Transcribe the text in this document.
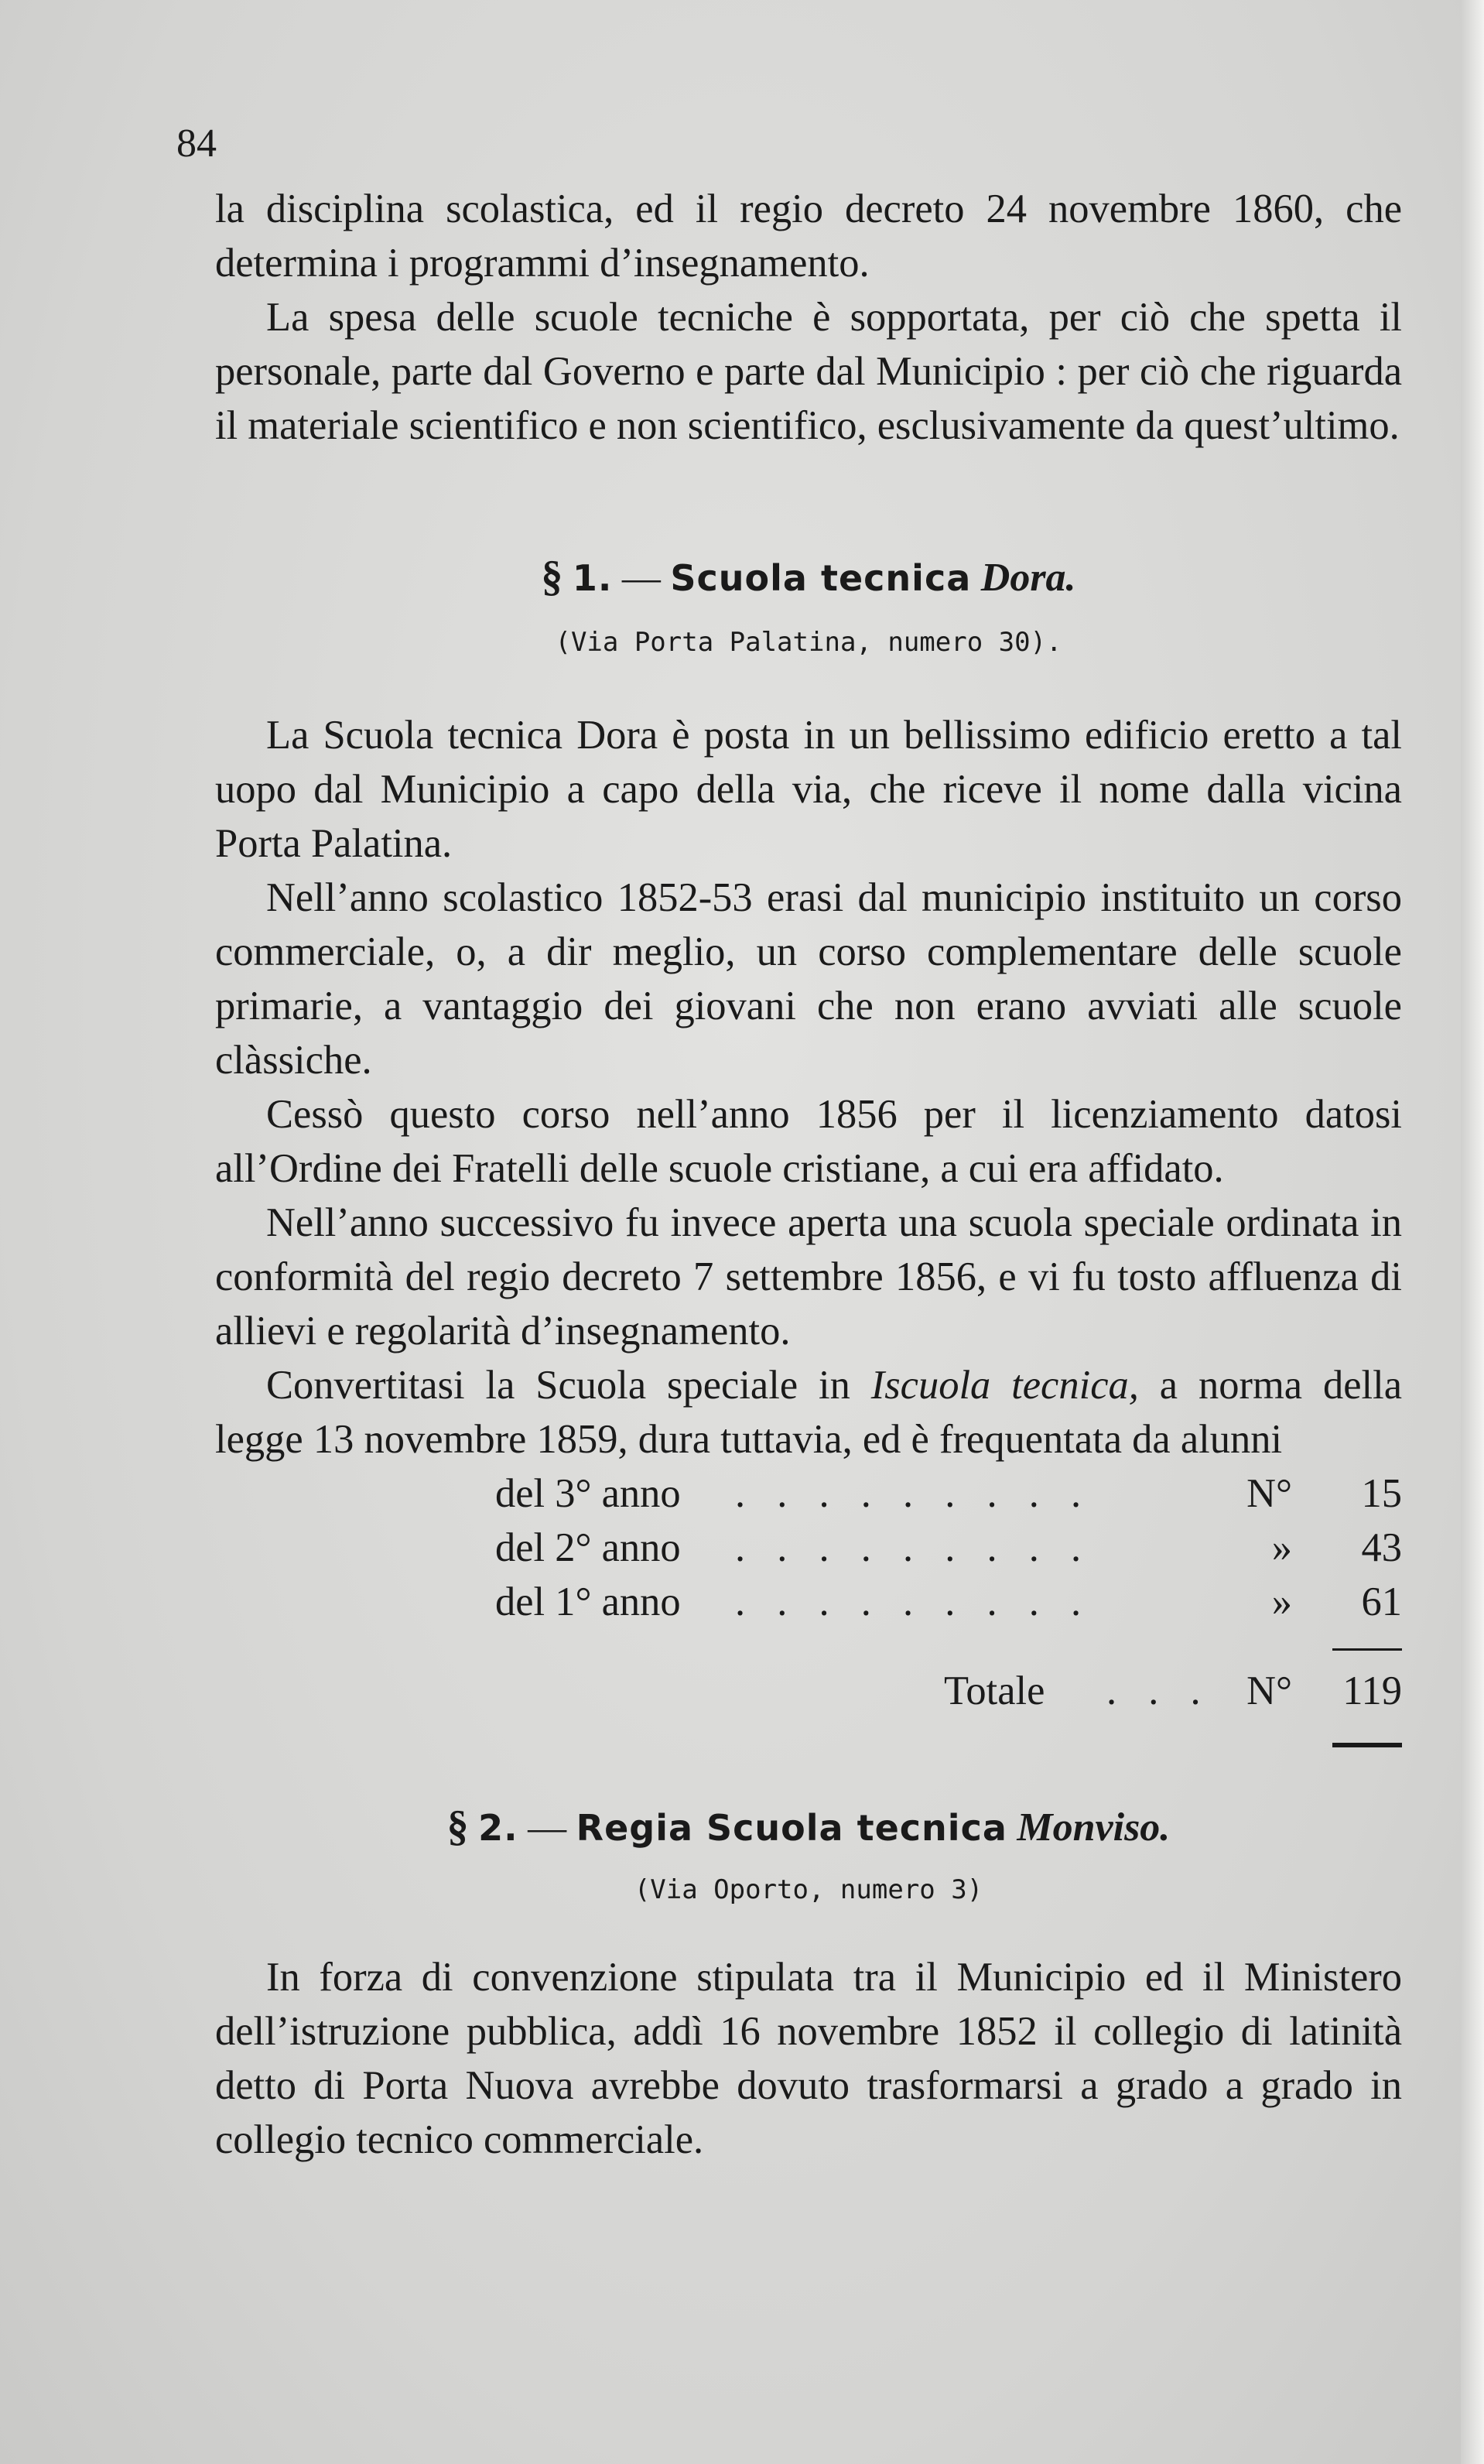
84

la disciplina scolastica, ed il regio decreto 24 novembre 1860, che determina i programmi d’insegnamento.

La spesa delle scuole tecniche è sopportata, per ciò che spetta il personale, parte dal Governo e parte dal Municipio : per ciò che riguarda il materiale scientifico e non scientifico, esclusivamente da quest’ultimo.

§ 1. — Scuola tecnica Dora.
(Via Porta Palatina, numero 30).

La Scuola tecnica Dora è posta in un bellissimo edificio eretto a tal uopo dal Municipio a capo della via, che riceve il nome dalla vicina Porta Palatina.

Nell’anno scolastico 1852-53 erasi dal municipio instituito un corso commerciale, o, a dir meglio, un corso complementare delle scuole primarie, a vantaggio dei giovani che non erano avviati alle scuole clàssiche.

Cessò questo corso nell’anno 1856 per il licenziamento datosi all’Ordine dei Fratelli delle scuole cristiane, a cui era affidato.

Nell’anno successivo fu invece aperta una scuola speciale ordinata in conformità del regio decreto 7 settembre 1856, e vi fu tosto affluenza di allievi e regolarità d’insegnamento.

Convertitasi la Scuola speciale in Iscuola tecnica, a norma della legge 13 novembre 1859, dura tuttavia, ed è frequentata da alunni

del 3° anno . . . . . . . . .	N°	15
del 2° anno . . . . . . . . .	»	43
del 1° anno . . . . . . . . .	»	61
Totale . . . N°	119
§ 2. — Regia Scuola tecnica Monviso.
(Via Oporto, numero 3)

In forza di convenzione stipulata tra il Municipio ed il Ministero dell’istruzione pubblica, addì 16 novembre 1852 il collegio di latinità detto di Porta Nuova avrebbe dovuto trasformarsi a grado a grado in collegio tecnico commerciale.
